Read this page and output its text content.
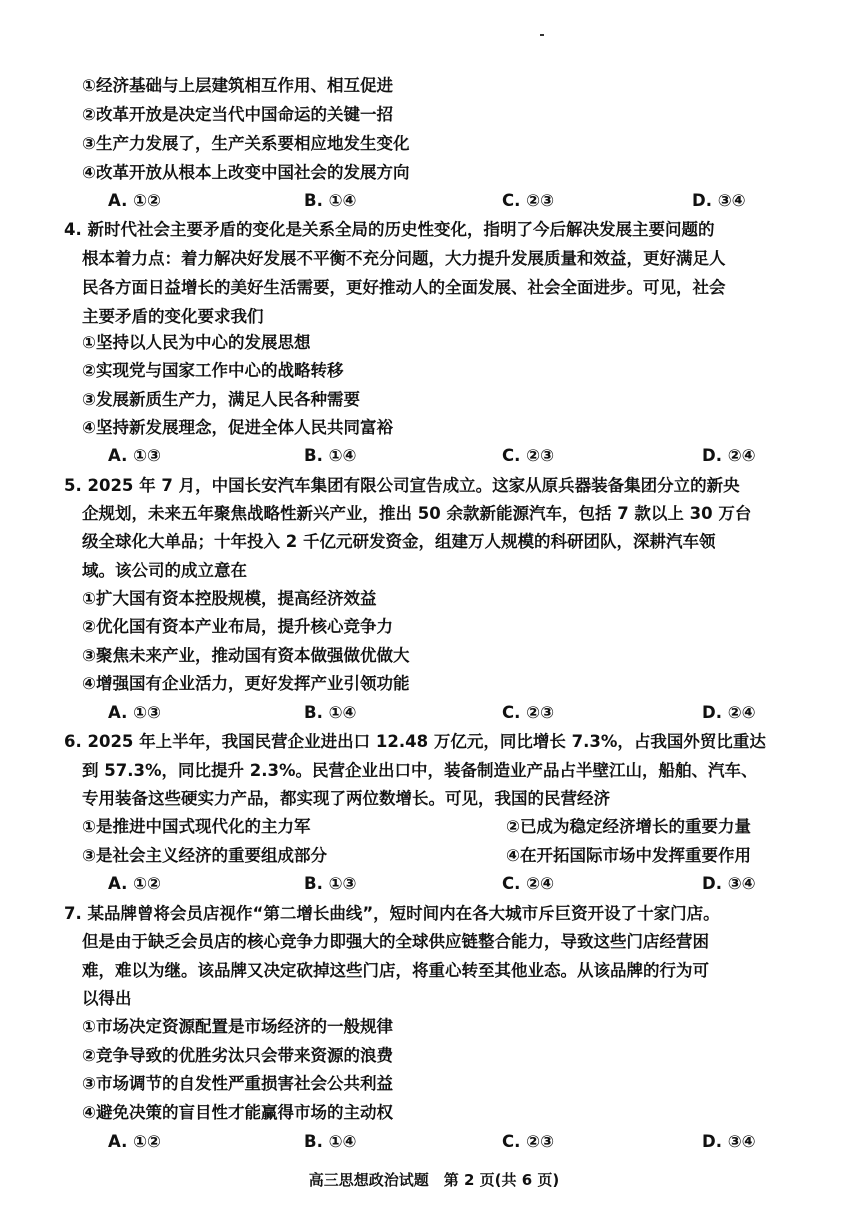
①经济基础与上层建筑相互作用、相互促进
②改革开放是决定当代中国命运的关键一招
③生产力发展了，生产关系要相应地发生变化
④改革开放从根本上改变中国社会的发展方向
A. ①②	B. ①④	C. ②③	D. ③④
4. 新时代社会主要矛盾的变化是关系全局的历史性变化，指明了今后解决发展主要问题的
根本着力点：着力解决好发展不平衡不充分问题，大力提升发展质量和效益，更好满足人
民各方面日益增长的美好生活需要，更好推动人的全面发展、社会全面进步。可见，社会
主要矛盾的变化要求我们
①坚持以人民为中心的发展思想
②实现党与国家工作中心的战略转移
③发展新质生产力，满足人民各种需要
④坚持新发展理念，促进全体人民共同富裕
A. ①③	B. ①④	C. ②③	D. ②④
5. 2025 年 7 月，中国长安汽车集团有限公司宣告成立。这家从原兵器装备集团分立的新央
企规划，未来五年聚焦战略性新兴产业，推出 50 余款新能源汽车，包括 7 款以上 30 万台
级全球化大单品；十年投入 2 千亿元研发资金，组建万人规模的科研团队，深耕汽车领
域。该公司的成立意在
①扩大国有资本控股规模，提高经济效益
②优化国有资本产业布局，提升核心竞争力
③聚焦未来产业，推动国有资本做强做优做大
④增强国有企业活力，更好发挥产业引领功能
A. ①③	B. ①④	C. ②③	D. ②④
6. 2025 年上半年，我国民营企业进出口 12.48 万亿元，同比增长 7.3%，占我国外贸比重达
到 57.3%，同比提升 2.3%。民营企业出口中，装备制造业产品占半壁江山，船舶、汽车、
专用装备这些硬实力产品，都实现了两位数增长。可见，我国的民营经济
①是推进中国式现代化的主力军	②已成为稳定经济增长的重要力量
③是社会主义经济的重要组成部分	④在开拓国际市场中发挥重要作用
A. ①②	B. ①③	C. ②④	D. ③④
7. 某品牌曾将会员店视作“第二增长曲线”，短时间内在各大城市斥巨资开设了十家门店。
但是由于缺乏会员店的核心竞争力即强大的全球供应链整合能力，导致这些门店经营困
难，难以为继。该品牌又决定砍掉这些门店，将重心转至其他业态。从该品牌的行为可
以得出
①市场决定资源配置是市场经济的一般规律
②竞争导致的优胜劣汰只会带来资源的浪费
③市场调节的自发性严重损害社会公共利益
④避免决策的盲目性才能赢得市场的主动权
A. ①②	B. ①④	C. ②③	D. ③④
高三思想政治试题　第 2 页(共 6 页)
